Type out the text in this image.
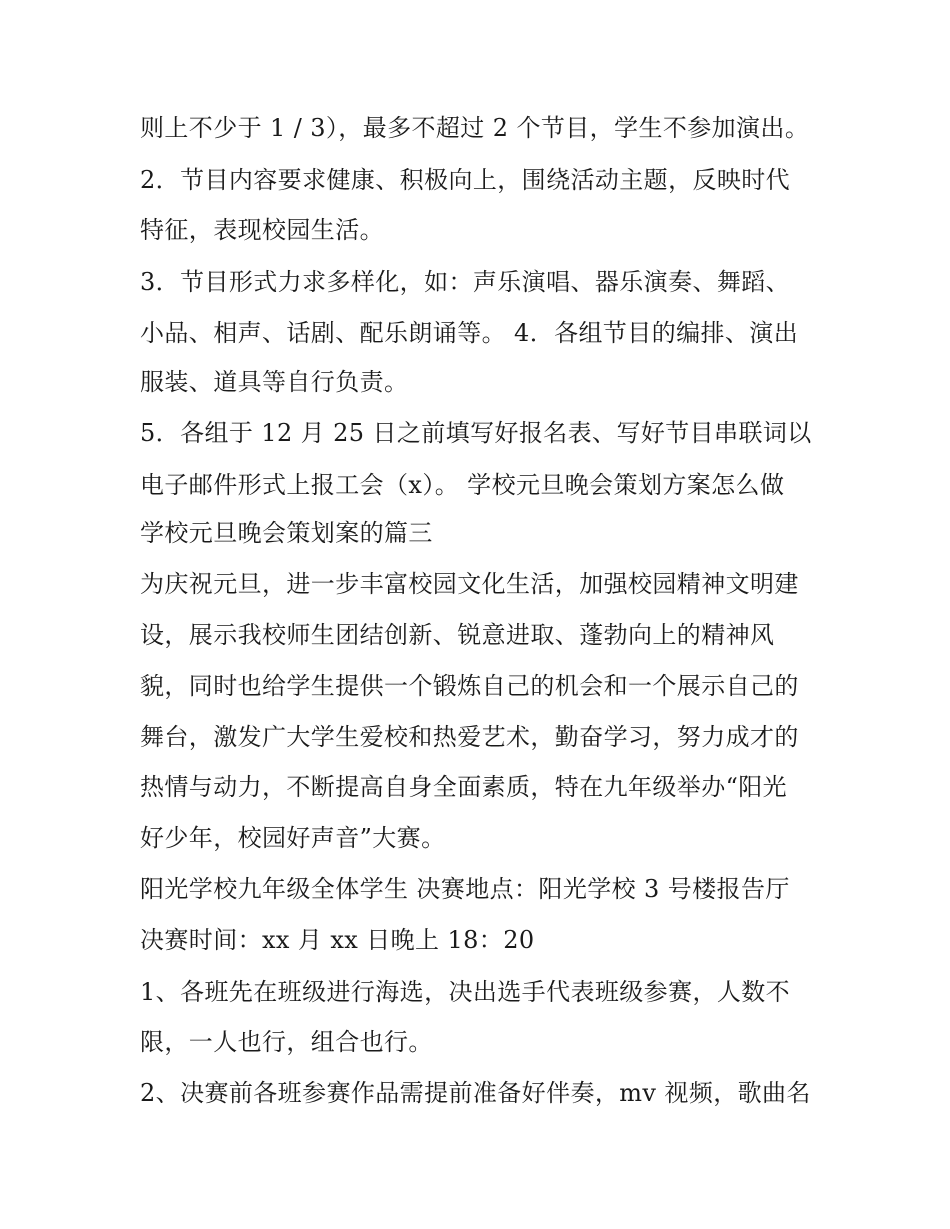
则上不少于 1 / 3），最多不超过 2 个节目，学生不参加演出。
2．节目内容要求健康、积极向上，围绕活动主题，反映时代
特征，表现校园生活。
3．节目形式力求多样化，如：声乐演唱、器乐演奏、舞蹈、
小品、相声、话剧、配乐朗诵等。 4．各组节目的编排、演出
服装、道具等自行负责。
5．各组于 12 月 25 日之前填写好报名表、写好节目串联词以
电子邮件形式上报工会（x）。 学校元旦晚会策划方案怎么做
学校元旦晚会策划案的篇三
为庆祝元旦，进一步丰富校园文化生活，加强校园精神文明建
设，展示我校师生团结创新、锐意进取、蓬勃向上的精神风
貌，同时也给学生提供一个锻炼自己的机会和一个展示自己的
舞台，激发广大学生爱校和热爱艺术，勤奋学习，努力成才的
热情与动力，不断提高自身全面素质，特在九年级举办“阳光
好少年，校园好声音”大赛。
阳光学校九年级全体学生 决赛地点：阳光学校 3 号楼报告厅
决赛时间：xx 月 xx 日晚上 18：20
1、各班先在班级进行海选，决出选手代表班级参赛，人数不
限，一人也行，组合也行。
2、决赛前各班参赛作品需提前准备好伴奏，mv 视频，歌曲名
